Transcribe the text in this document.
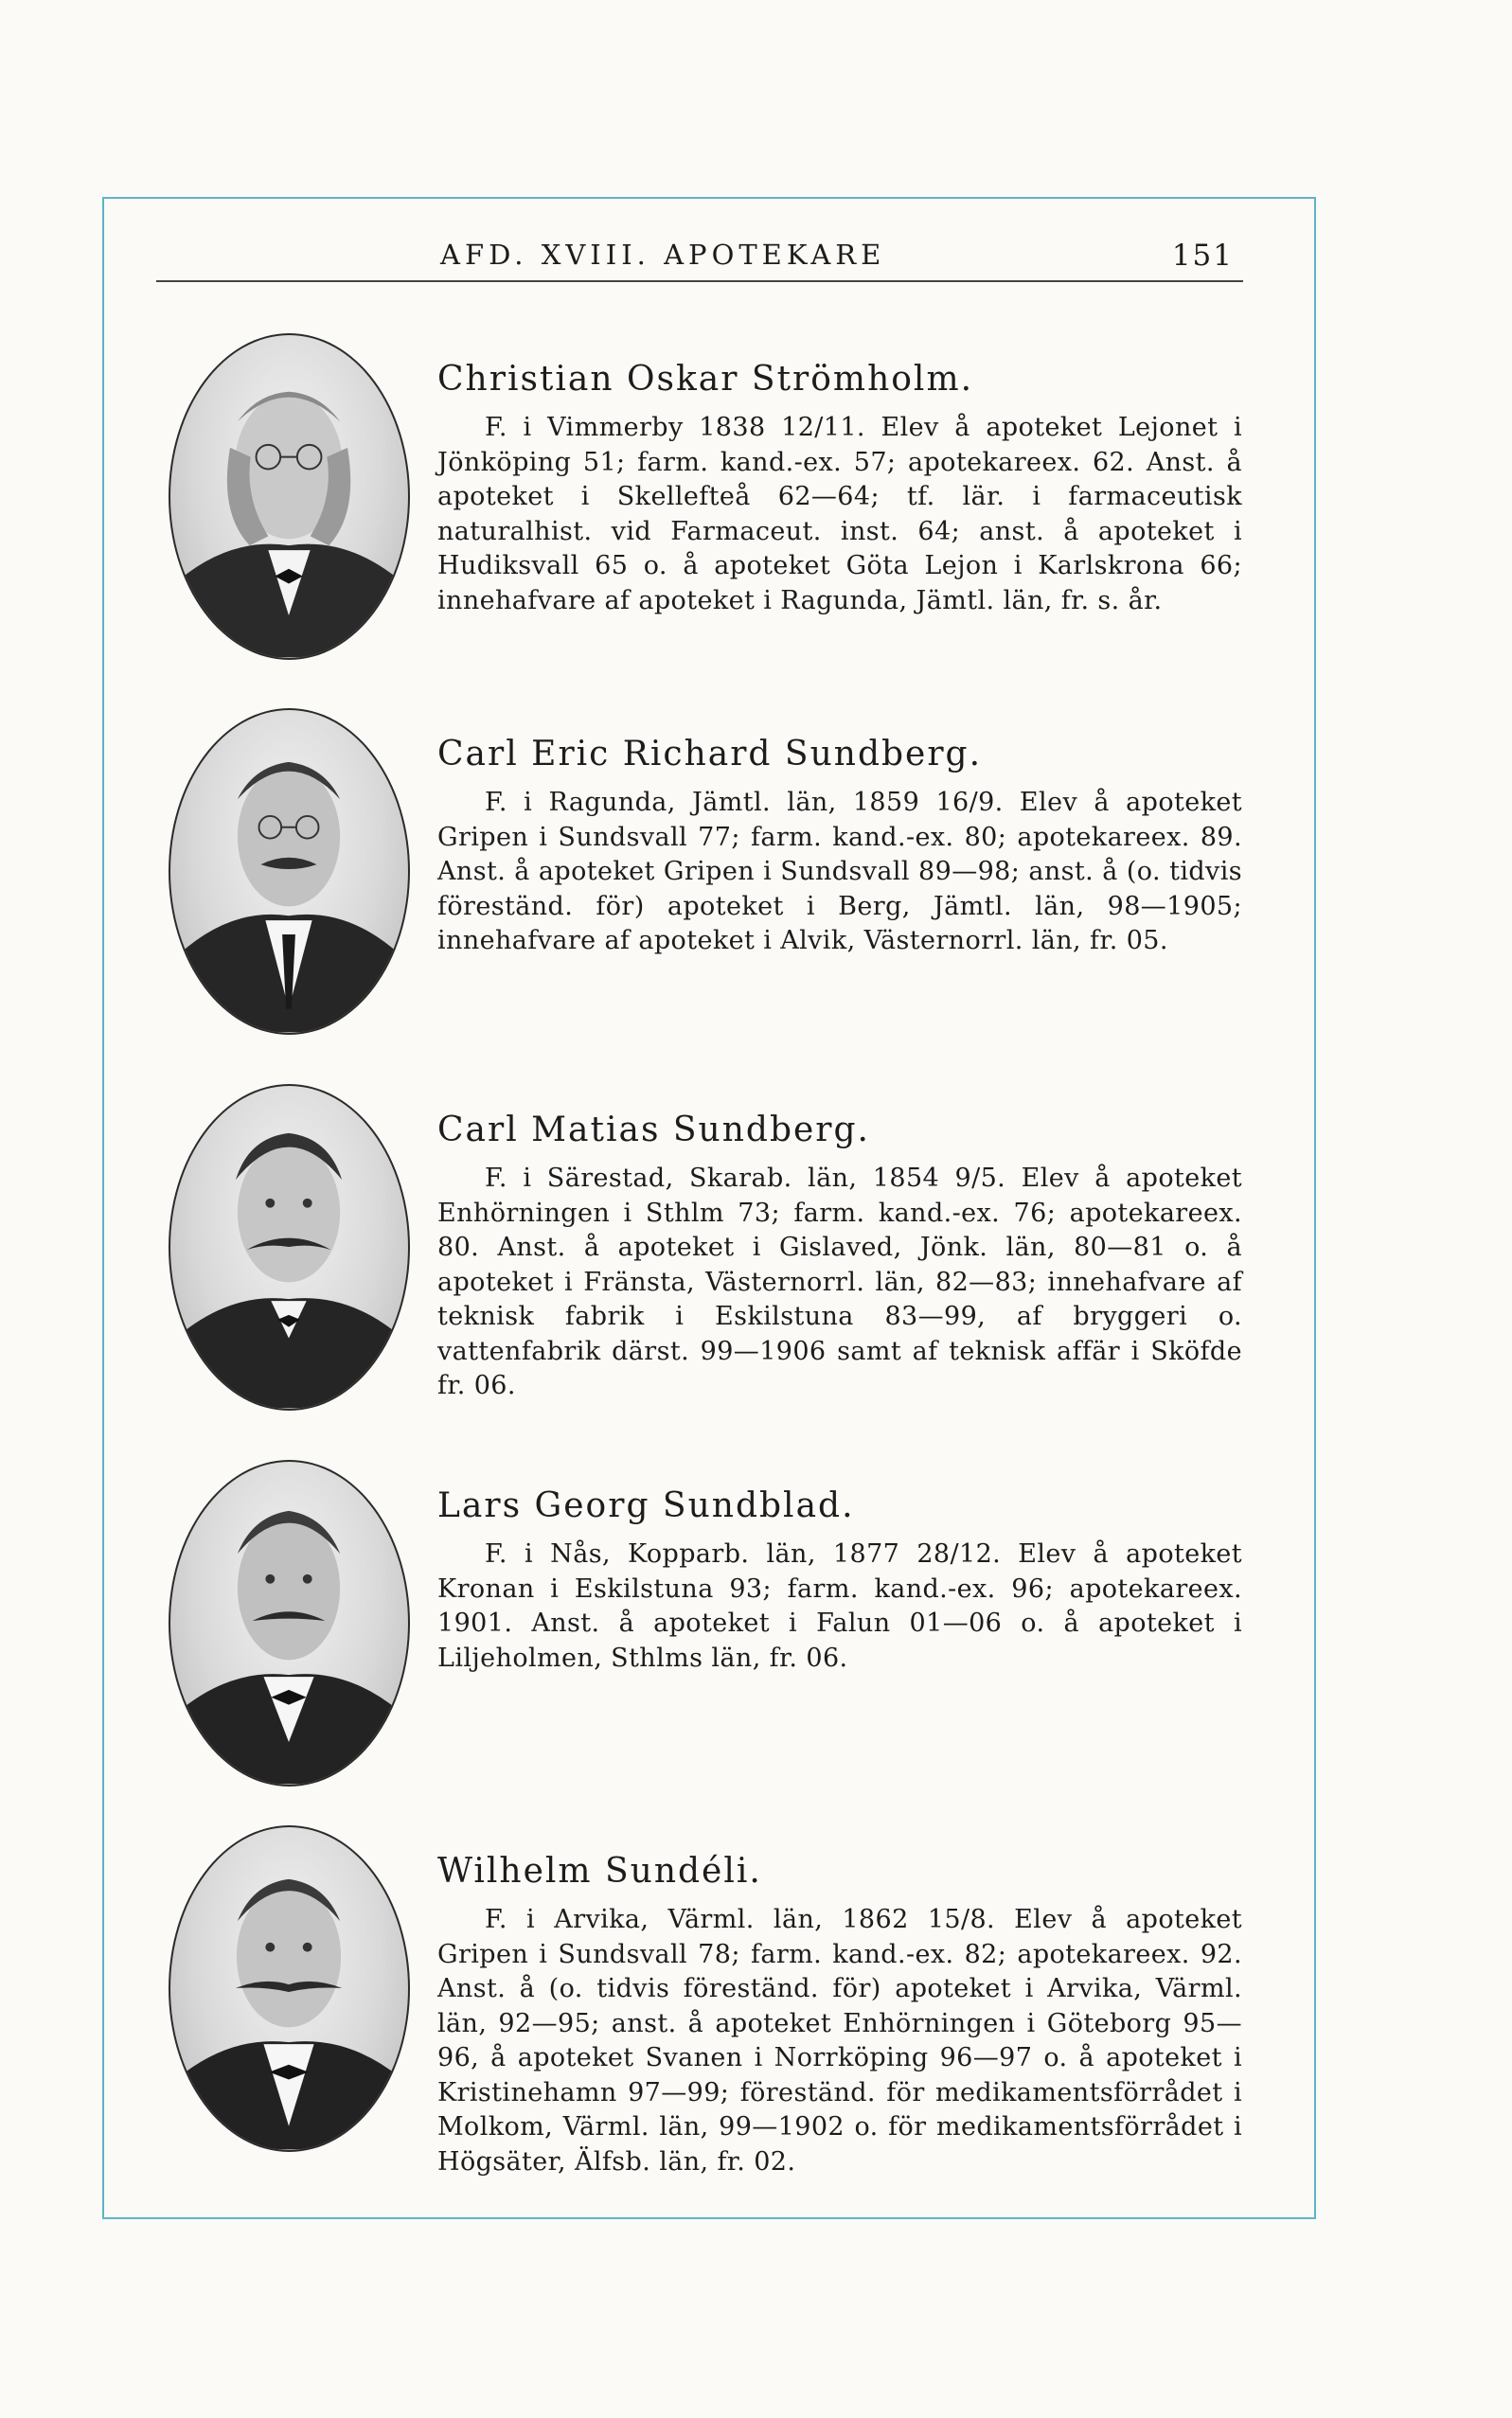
AFD. XVIII. APOTEKARE	151
Christian Oskar Strömholm.
F. i Vimmerby 1838 12/11. Elev å apoteket Lejonet i Jönköping 51; farm. kand.-ex. 57; apotekareex. 62. Anst. å apoteket i Skellefteå 62—64; tf. lär. i farmaceutisk naturalhist. vid Farmaceut. inst. 64; anst. å apoteket i Hudiksvall 65 o. å apoteket Göta Lejon i Karlskrona 66; innehafvare af apoteket i Ragunda, Jämtl. län, fr. s. år.
Carl Eric Richard Sundberg.
F. i Ragunda, Jämtl. län, 1859 16/9. Elev å apoteket Gripen i Sundsvall 77; farm. kand.-ex. 80; apotekareex. 89. Anst. å apoteket Gripen i Sundsvall 89—98; anst. å (o. tidvis föreständ. för) apoteket i Berg, Jämtl. län, 98—1905; innehafvare af apoteket i Alvik, Västernorrl. län, fr. 05.
Carl Matias Sundberg.
F. i Särestad, Skarab. län, 1854 9/5. Elev å apoteket Enhörningen i Sthlm 73; farm. kand.-ex. 76; apotekareex. 80. Anst. å apoteket i Gislaved, Jönk. län, 80—81 o. å apoteket i Fränsta, Västernorrl. län, 82—83; innehafvare af teknisk fabrik i Eskilstuna 83—99, af bryggeri o. vattenfabrik därst. 99—1906 samt af teknisk affär i Sköfde fr. 06.
Lars Georg Sundblad.
F. i Nås, Kopparb. län, 1877 28/12. Elev å apoteket Kronan i Eskilstuna 93; farm. kand.-ex. 96; apotekareex. 1901. Anst. å apoteket i Falun 01—06 o. å apoteket i Liljeholmen, Sthlms län, fr. 06.
Wilhelm Sundéli.
F. i Arvika, Värml. län, 1862 15/8. Elev å apoteket Gripen i Sundsvall 78; farm. kand.-ex. 82; apotekareex. 92. Anst. å (o. tidvis föreständ. för) apoteket i Arvika, Värml. län, 92—95; anst. å apoteket Enhörningen i Göteborg 95—96, å apoteket Svanen i Norrköping 96—97 o. å apoteket i Kristinehamn 97—99; föreständ. för medikamentsförrådet i Molkom, Värml. län, 99—1902 o. för medikamentsförrådet i Högsäter, Älfsb. län, fr. 02.
